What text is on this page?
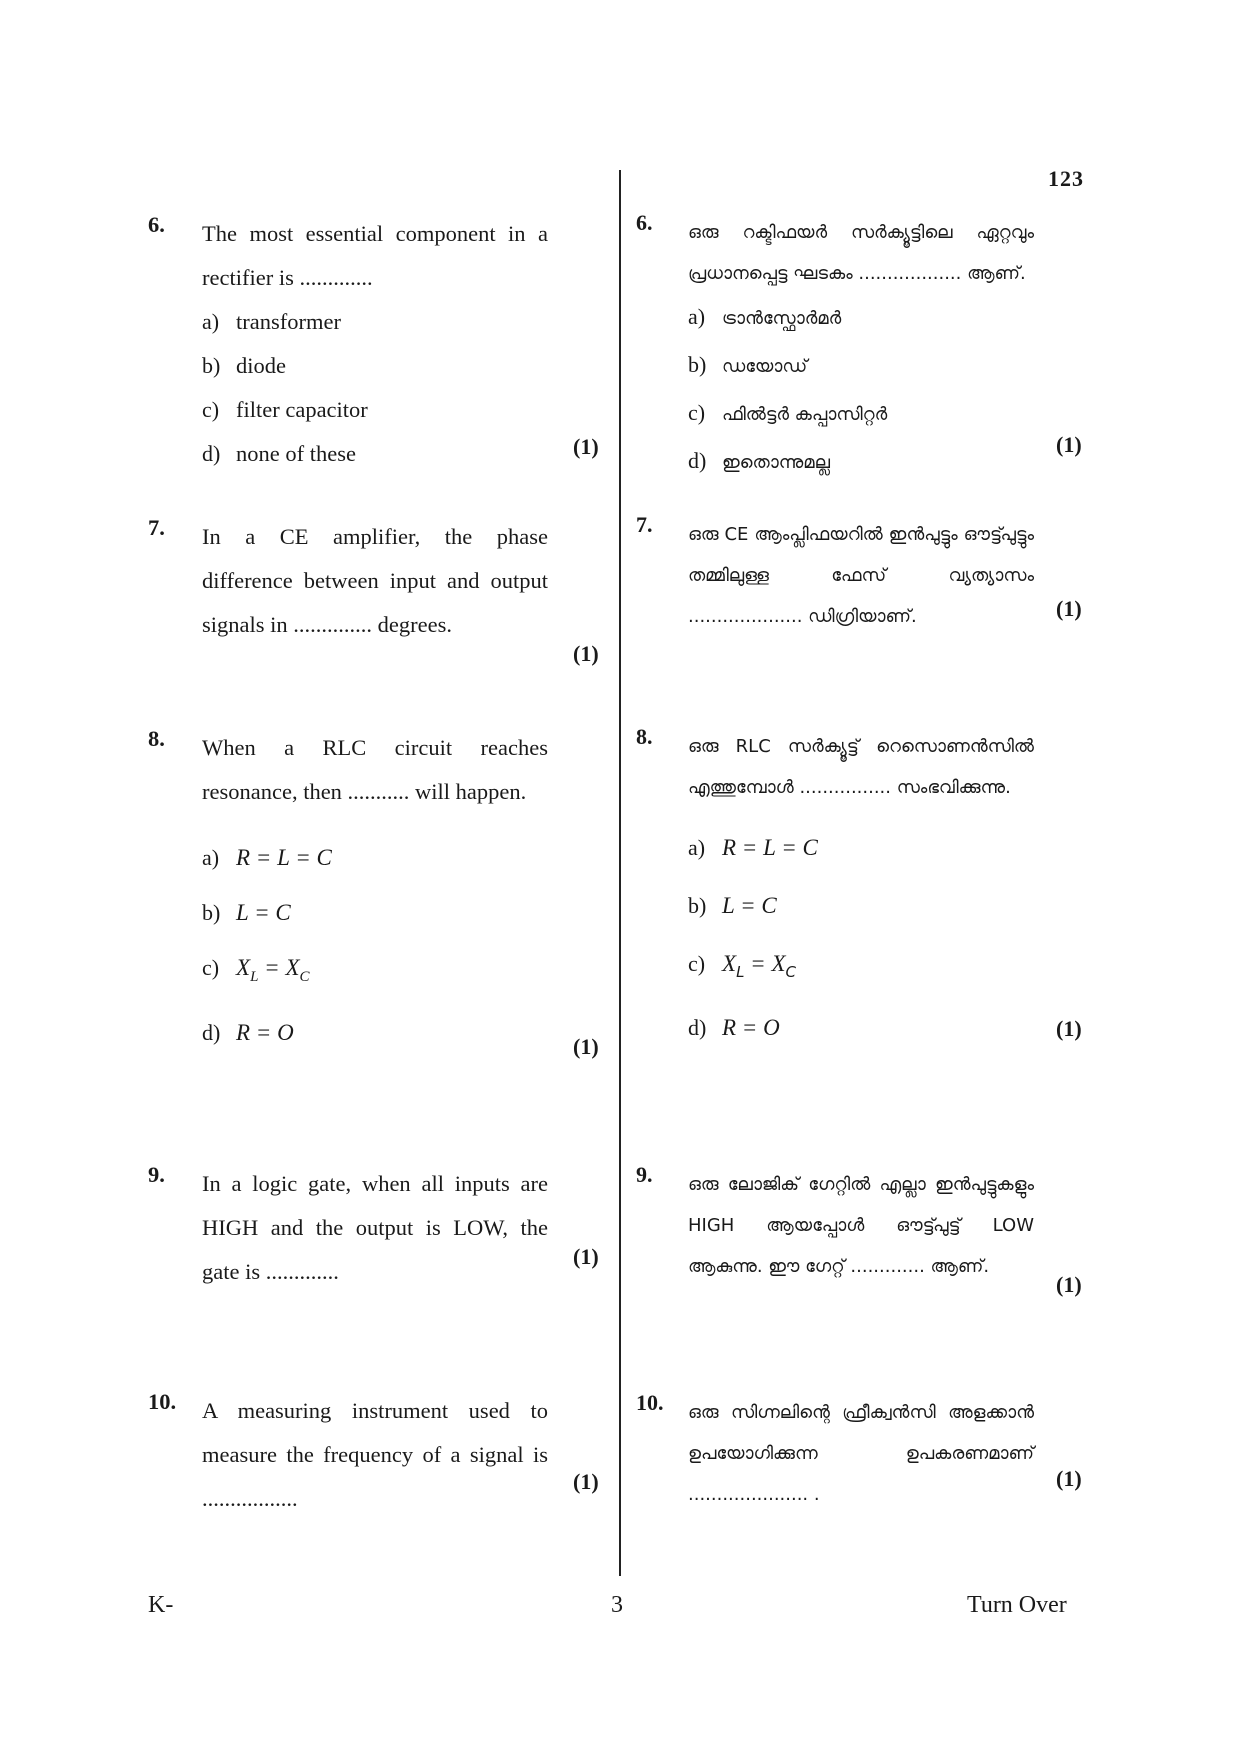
123
6. The most essential component in a rectifier is .............
a) transformer
b) diode
c) filter capacitor
d) none of these	(1)
7. In a CE amplifier, the phase difference between input and output signals in .............. degrees.
(1)
8. When a RLC circuit reaches resonance, then ........... will happen.
a) R = L = C
b) L = C
c) $X_L = X_C$
d) R = O
(1)
9. In a logic gate, when all inputs are HIGH and the output is LOW, the gate is .............
(1)
10. A measuring instrument used to measure the frequency of a signal is .................
(1)
6. ഒരു റക്ടിഫയർ സർക്യൂട്ടിലെ ഏറ്റവും പ്രധാനപ്പെട്ട ഘടകം .................. ആണ്.
a) ട്രാൻസ്ഫോർമർ
b) ഡയോഡ്
c) ഫിൽട്ടർ കപ്പാസിറ്റർ
d) ഇതൊന്നുമല്ല
(1)
7. ഒരു CE ആംപ്ലിഫയറിൽ ഇൻപുട്ടും ഔട്ട്പുട്ടും തമ്മിലുള്ള ഫേസ് വ്യത്യാസം .................... ഡിഗ്രിയാണ്.	(1)
8. ഒരു RLC സർക്യൂട്ട് റെസൊണൻസിൽ എത്തുമ്പോൾ ................ സംഭവിക്കുന്നു.
a) R = L = C
b) L = C
c) $X_L = X_C$
d) R = O	(1)
9. ഒരു ലോജിക് ഗേറ്റിൽ എല്ലാ ഇൻപുട്ടുകളും HIGH ആയപ്പോൾ ഔട്ട്പുട്ട് LOW ആകുന്നു. ഈ ഗേറ്റ് ............. ആണ്.
(1)
10. ഒരു സിഗ്നലിന്റെ ഫ്രീക്വൻസി അളക്കാൻ ഉപയോഗിക്കുന്ന ഉപകരണമാണ് ..................... .
(1)
K-	3	Turn Over
